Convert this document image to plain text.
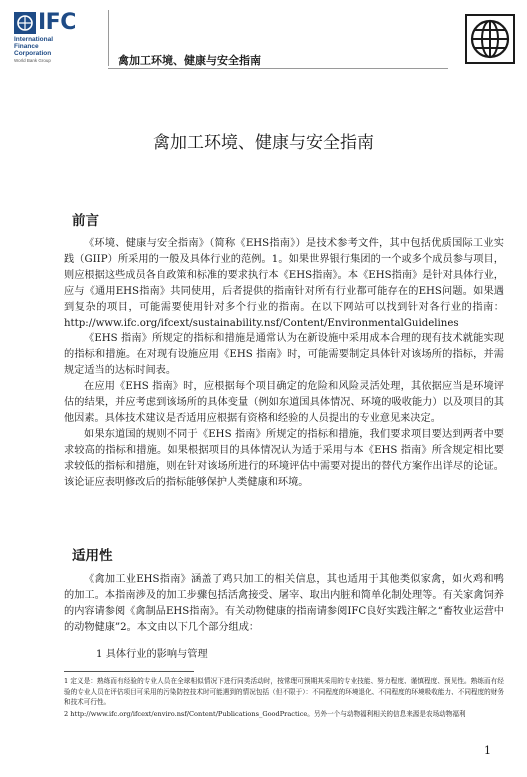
IFC
International
Finance
Corporation
World Bank Group	禽加工环境、健康与安全指南
禽加工环境、健康与安全指南
前言

《环境、健康与安全指南》（简称《EHS指南》）是技术参考文件，其中包括优质国际工业实践（GIIP）所采用的一般及具体行业的范例。1。如果世界银行集团的一个或多个成员参与项目，则应根据这些成员各自政策和标准的要求执行本《EHS指南》。本《EHS指南》是针对具体行业，应与《通用EHS指南》共同使用，后者提供的指南针对所有行业都可能存在的EHS问题。如果遇到复杂的项目，可能需要使用针对多个行业的指南。在以下网站可以找到针对各行业的指南：http://www.ifc.org/ifcext/sustainability.nsf/Content/EnvironmentalGuidelines

《EHS 指南》所规定的指标和措施是通常认为在新设施中采用成本合理的现有技术就能实现的指标和措施。在对现有设施应用《EHS 指南》时，可能需要制定具体针对该场所的指标，并需规定适当的达标时间表。

在应用《EHS 指南》时，应根据每个项目确定的危险和风险灵活处理，其依据应当是环境评估的结果，并应考虑到该场所的具体变量（例如东道国具体情况、环境的吸收能力）以及项目的其他因素。具体技术建议是否适用应根据有资格和经验的人员提出的专业意见来决定。

如果东道国的规则不同于《EHS 指南》所规定的指标和措施，我们要求项目要达到两者中要求较高的指标和措施。如果根据项目的具体情况认为适于采用与本《EHS 指南》所含规定相比要求较低的指标和措施，则在针对该场所进行的环境评估中需要对提出的替代方案作出详尽的论证。该论证应表明修改后的指标能够保护人类健康和环境。

适用性

《禽加工业EHS指南》涵盖了鸡只加工的相关信息，其也适用于其他类似家禽，如火鸡和鸭的加工。本指南涉及的加工步骤包括活禽接受、屠宰、取出内脏和简单化制处理等。有关家禽饲养的内容请参阅《禽制品EHS指南》。有关动物健康的指南请参阅IFC良好实践注解之“畜牧业运营中的动物健康”2。本文由以下几个部分组成：

1 具体行业的影响与管理
1 定义是：熟练而有经验的专业人员在全球相似情况下进行同类活动时，按常理可预期其采用的专业技能、努力程度、谨慎程度、预见性。熟练而有经验的专业人员在评估项目可采用的污染防控技术时可能遇到的情况包括（但不限于）：不同程度的环境退化、不同程度的环境吸收能力、不同程度的财务和技术可行性。
2 http://www.ifc.org/ifcext/enviro.nsf/Content/Publications_GoodPractice。另外一个与动物福利相关的信息来源是农场动物福利
1
